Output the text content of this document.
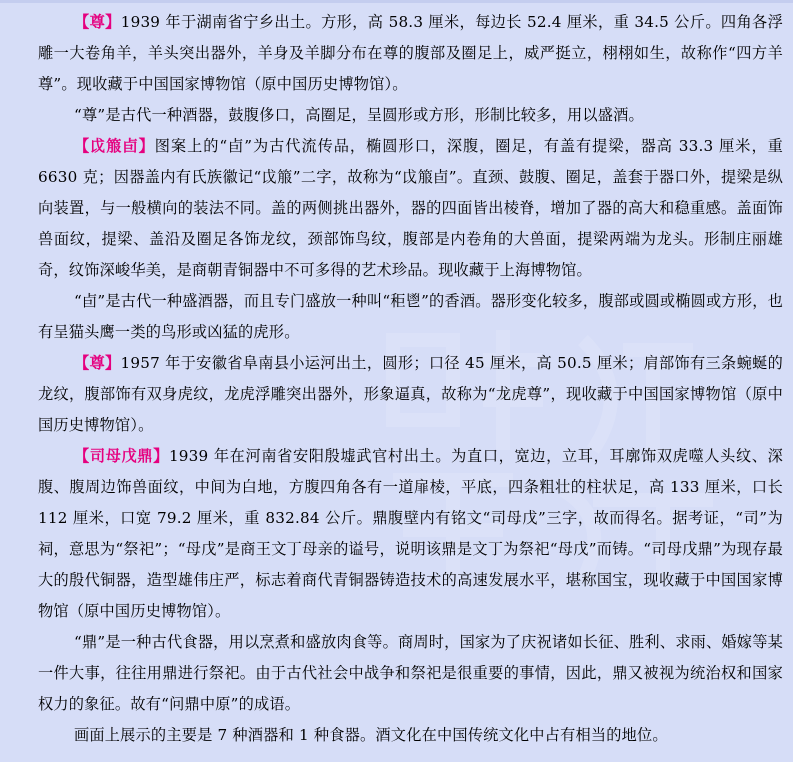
【尊】1939 年于湖南省宁乡出土。方形，高 58.3 厘米，每边长 52.4 厘米，重 34.5 公斤。四角各浮雕一大卷角羊，羊头突出器外，羊身及羊脚分布在尊的腹部及圈足上，威严挺立，栩栩如生，故称作“四方羊尊”。现收藏于中国国家博物馆（原中国历史博物馆）。

“尊”是古代一种酒器，鼓腹侈口，高圈足，呈圆形或方形，形制比较多，用以盛酒。

【戉箙卣】图案上的“卣”为古代流传品，椭圆形口，深腹，圈足，有盖有提梁，器高 33.3 厘米，重 6630 克；因器盖内有氏族徽记“戉箙”二字，故称为“戉箙卣”。直颈、鼓腹、圈足，盖套于器口外，提梁是纵向装置，与一般横向的装法不同。盖的两侧挑出器外，器的四面皆出棱脊，增加了器的高大和稳重感。盖面饰兽面纹，提梁、盖沿及圈足各饰龙纹，颈部饰鸟纹，腹部是内卷角的大兽面，提梁两端为龙头。形制庄丽雄奇，纹饰深峻华美，是商朝青铜器中不可多得的艺术珍品。现收藏于上海博物馆。

“卣”是古代一种盛酒器，而且专门盛放一种叫“秬鬯”的香酒。器形变化较多，腹部或圆或椭圆或方形，也有呈猫头鹰一类的鸟形或凶猛的虎形。

【尊】1957 年于安徽省阜南县小运河出土，圆形；口径 45 厘米，高 50.5 厘米；肩部饰有三条蜿蜒的龙纹，腹部饰有双身虎纹，龙虎浮雕突出器外，形象逼真，故称为“龙虎尊”，现收藏于中国国家博物馆（原中国历史博物馆）。

【司母戊鼎】1939 年在河南省安阳殷墟武官村出土。为直口，宽边，立耳，耳廓饰双虎噬人头纹、深腹、腹周边饰兽面纹，中间为白地，方腹四角各有一道扉棱，平底，四条粗壮的柱状足，高 133 厘米，口长 112 厘米，口宽 79.2 厘米，重 832.84 公斤。鼎腹壁内有铭文“司母戊”三字，故而得名。据考证，“司”为祠，意思为“祭祀”；“母戊”是商王文丁母亲的谥号，说明该鼎是文丁为祭祀“母戊”而铸。“司母戊鼎”为现存最大的殷代铜器，造型雄伟庄严，标志着商代青铜器铸造技术的高速发展水平，堪称国宝，现收藏于中国国家博物馆（原中国历史博物馆）。

“鼎”是一种古代食器，用以烹煮和盛放肉食等。商周时，国家为了庆祝诸如长征、胜利、求雨、婚嫁等某一件大事，往往用鼎进行祭祀。由于古代社会中战争和祭祀是很重要的事情，因此，鼎又被视为统治权和国家权力的象征。故有“问鼎中原”的成语。

画面上展示的主要是 7 种酒器和 1 种食器。酒文化在中国传统文化中占有相当的地位。
